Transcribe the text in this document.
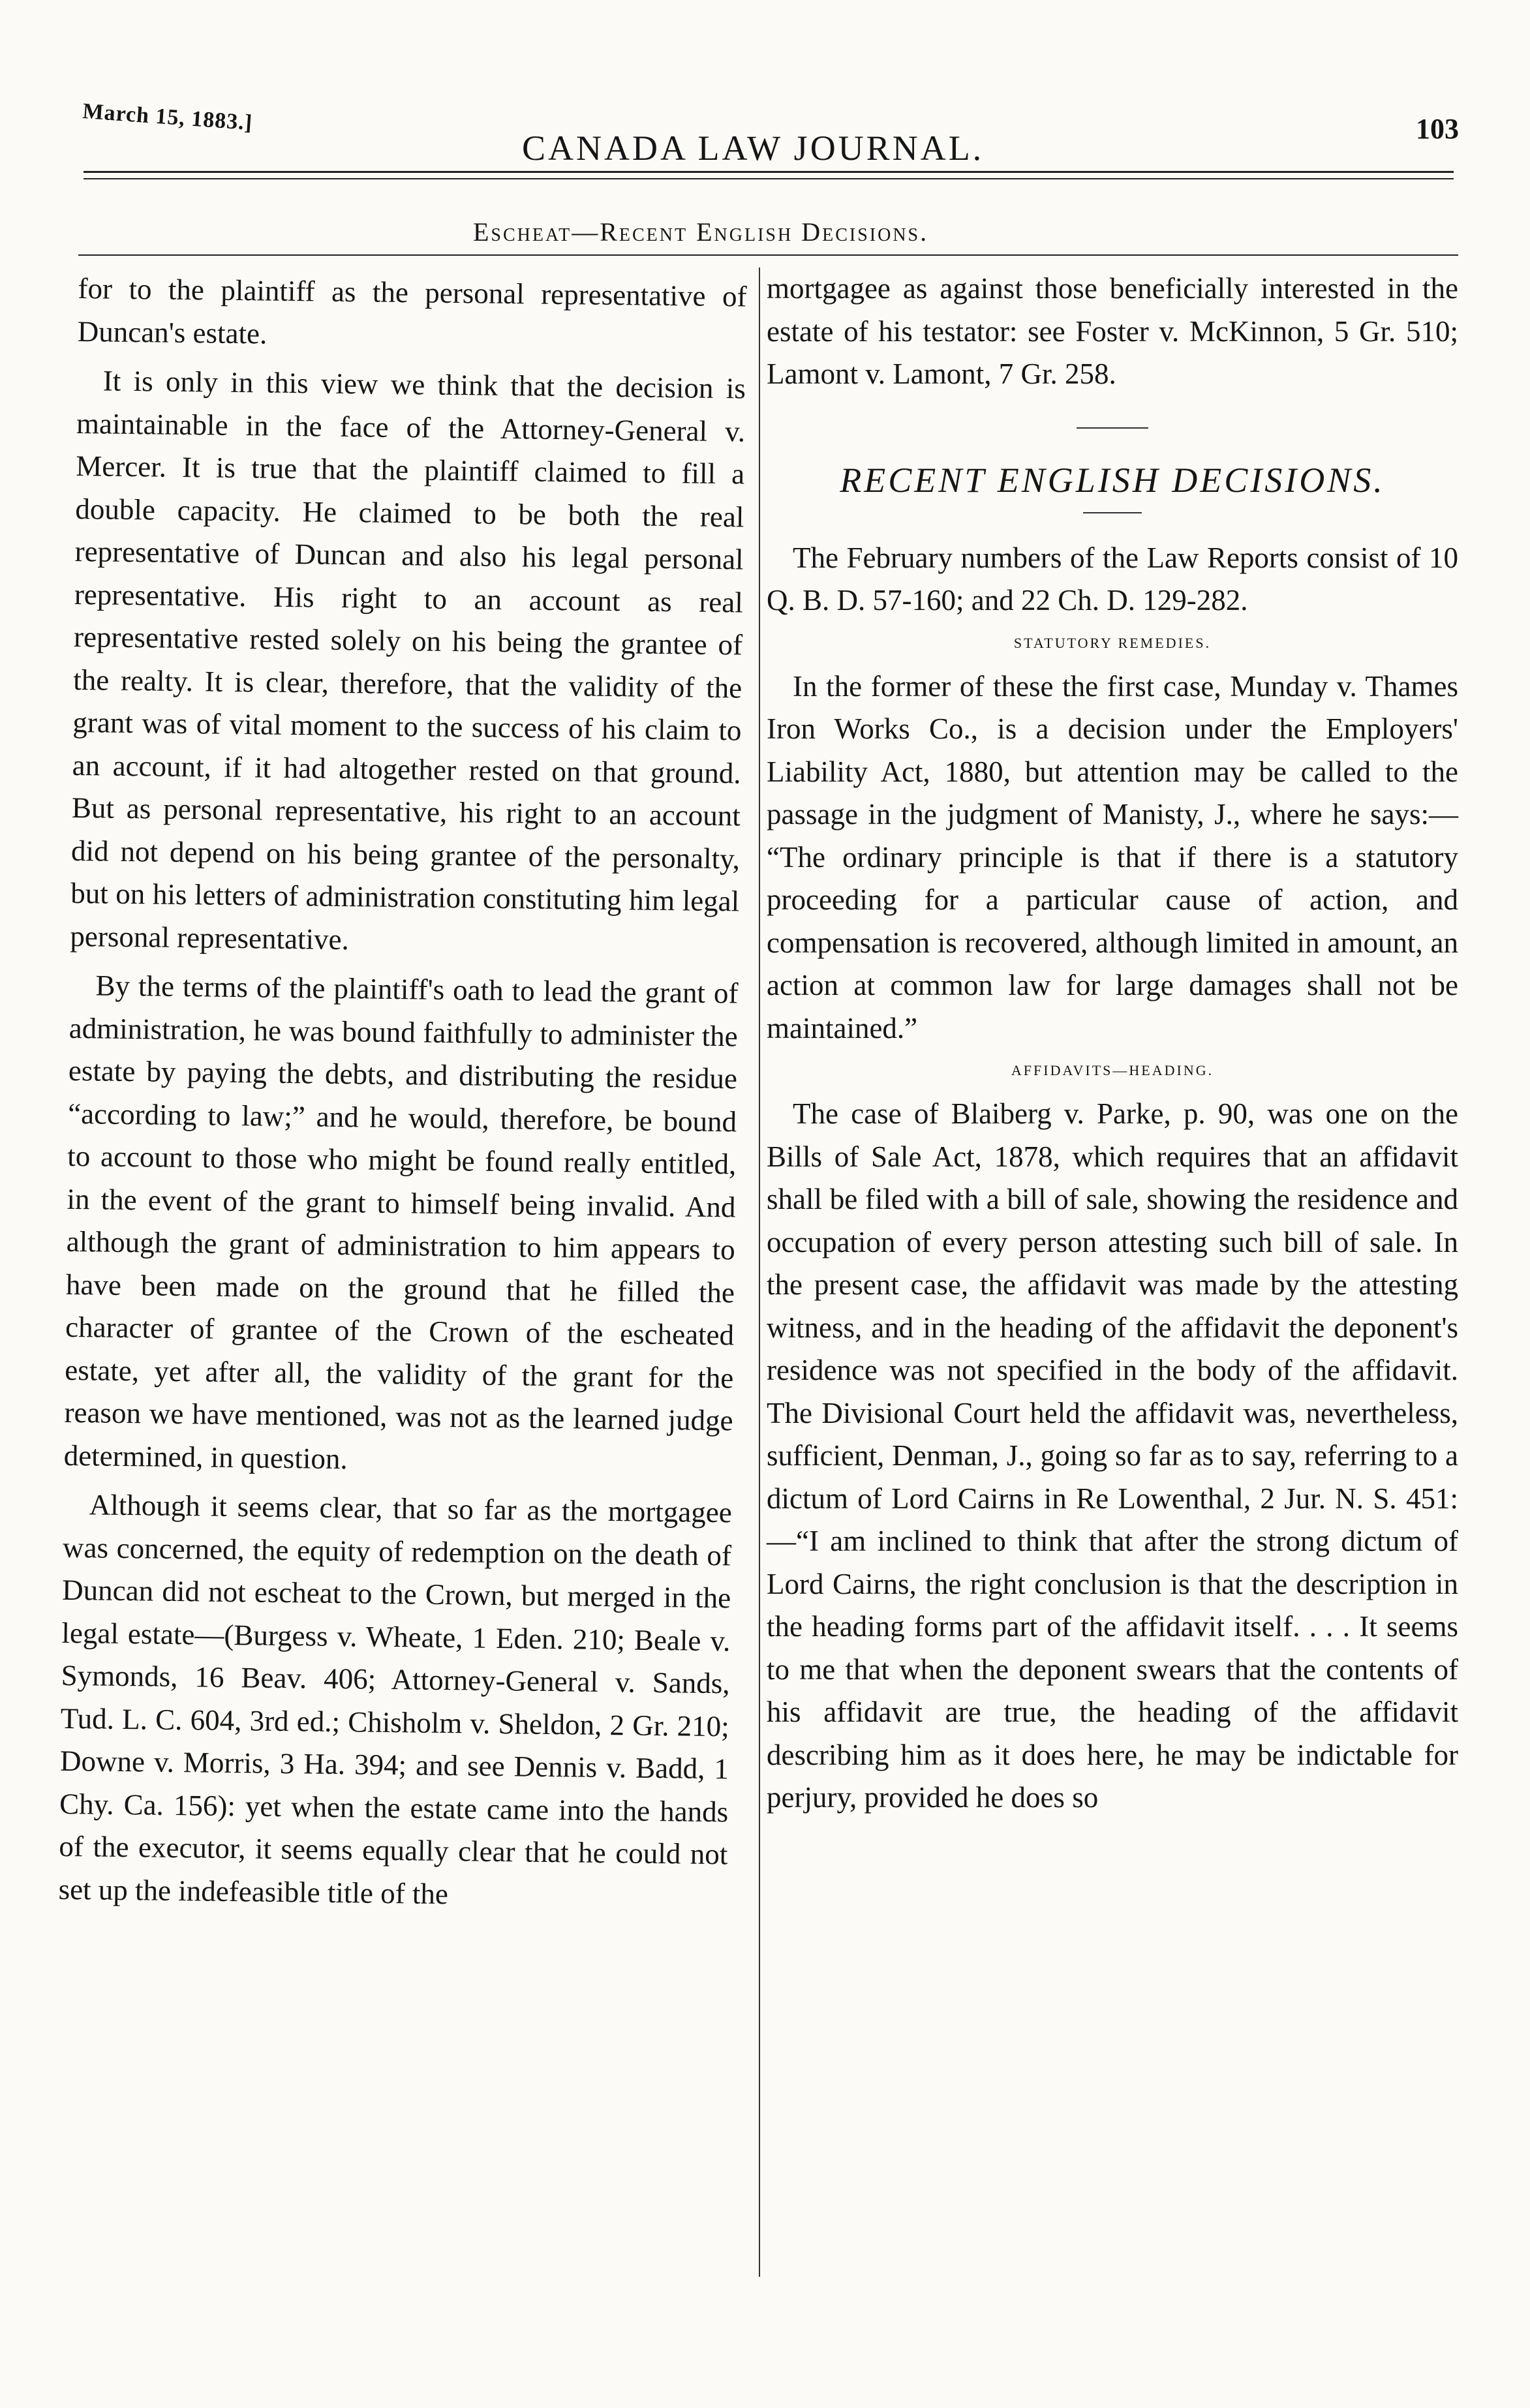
March 15, 1883.]
CANADA LAW JOURNAL.	103
Escheat—Recent English Decisions.

for to the plaintiff as the personal representative of Duncan's estate.

It is only in this view we think that the decision is maintainable in the face of the Attorney-General v. Mercer. It is true that the plaintiff claimed to fill a double capacity. He claimed to be both the real representative of Duncan and also his legal personal representative. His right to an account as real representative rested solely on his being the grantee of the realty. It is clear, therefore, that the validity of the grant was of vital moment to the success of his claim to an account, if it had altogether rested on that ground. But as personal representative, his right to an account did not depend on his being grantee of the personalty, but on his letters of administration constituting him legal personal representative.

By the terms of the plaintiff's oath to lead the grant of administration, he was bound faithfully to administer the estate by paying the debts, and distributing the residue “according to law;” and he would, therefore, be bound to account to those who might be found really entitled, in the event of the grant to himself being invalid. And although the grant of administration to him appears to have been made on the ground that he filled the character of grantee of the Crown of the escheated estate, yet after all, the validity of the grant for the reason we have mentioned, was not as the learned judge determined, in question.

Although it seems clear, that so far as the mortgagee was concerned, the equity of redemption on the death of Duncan did not escheat to the Crown, but merged in the legal estate—(Burgess v. Wheate, 1 Eden. 210; Beale v. Symonds, 16 Beav. 406; Attorney-General v. Sands, Tud. L. C. 604, 3rd ed.; Chisholm v. Sheldon, 2 Gr. 210; Downe v. Morris, 3 Ha. 394; and see Dennis v. Badd, 1 Chy. Ca. 156): yet when the estate came into the hands of the executor, it seems equally clear that he could not set up the indefeasible title of the

mortgagee as against those beneficially interested in the estate of his testator: see Foster v. McKinnon, 5 Gr. 510; Lamont v. Lamont, 7 Gr. 258.

RECENT ENGLISH DECISIONS.

The February numbers of the Law Reports consist of 10 Q. B. D. 57-160; and 22 Ch. D. 129-282.

STATUTORY REMEDIES.

In the former of these the first case, Munday v. Thames Iron Works Co., is a decision under the Employers' Liability Act, 1880, but attention may be called to the passage in the judgment of Manisty, J., where he says:— “The ordinary principle is that if there is a statutory proceeding for a particular cause of action, and compensation is recovered, although limited in amount, an action at common law for large damages shall not be maintained.”

AFFIDAVITS—HEADING.

The case of Blaiberg v. Parke, p. 90, was one on the Bills of Sale Act, 1878, which requires that an affidavit shall be filed with a bill of sale, showing the residence and occupation of every person attesting such bill of sale. In the present case, the affidavit was made by the attesting witness, and in the heading of the affidavit the deponent's residence was not specified in the body of the affidavit. The Divisional Court held the affidavit was, nevertheless, sufficient, Denman, J., going so far as to say, referring to a dictum of Lord Cairns in Re Lowenthal, 2 Jur. N. S. 451:—“I am inclined to think that after the strong dictum of Lord Cairns, the right conclusion is that the description in the heading forms part of the affidavit itself. . . . It seems to me that when the deponent swears that the contents of his affidavit are true, the heading of the affidavit describing him as it does here, he may be indictable for perjury, provided he does so
